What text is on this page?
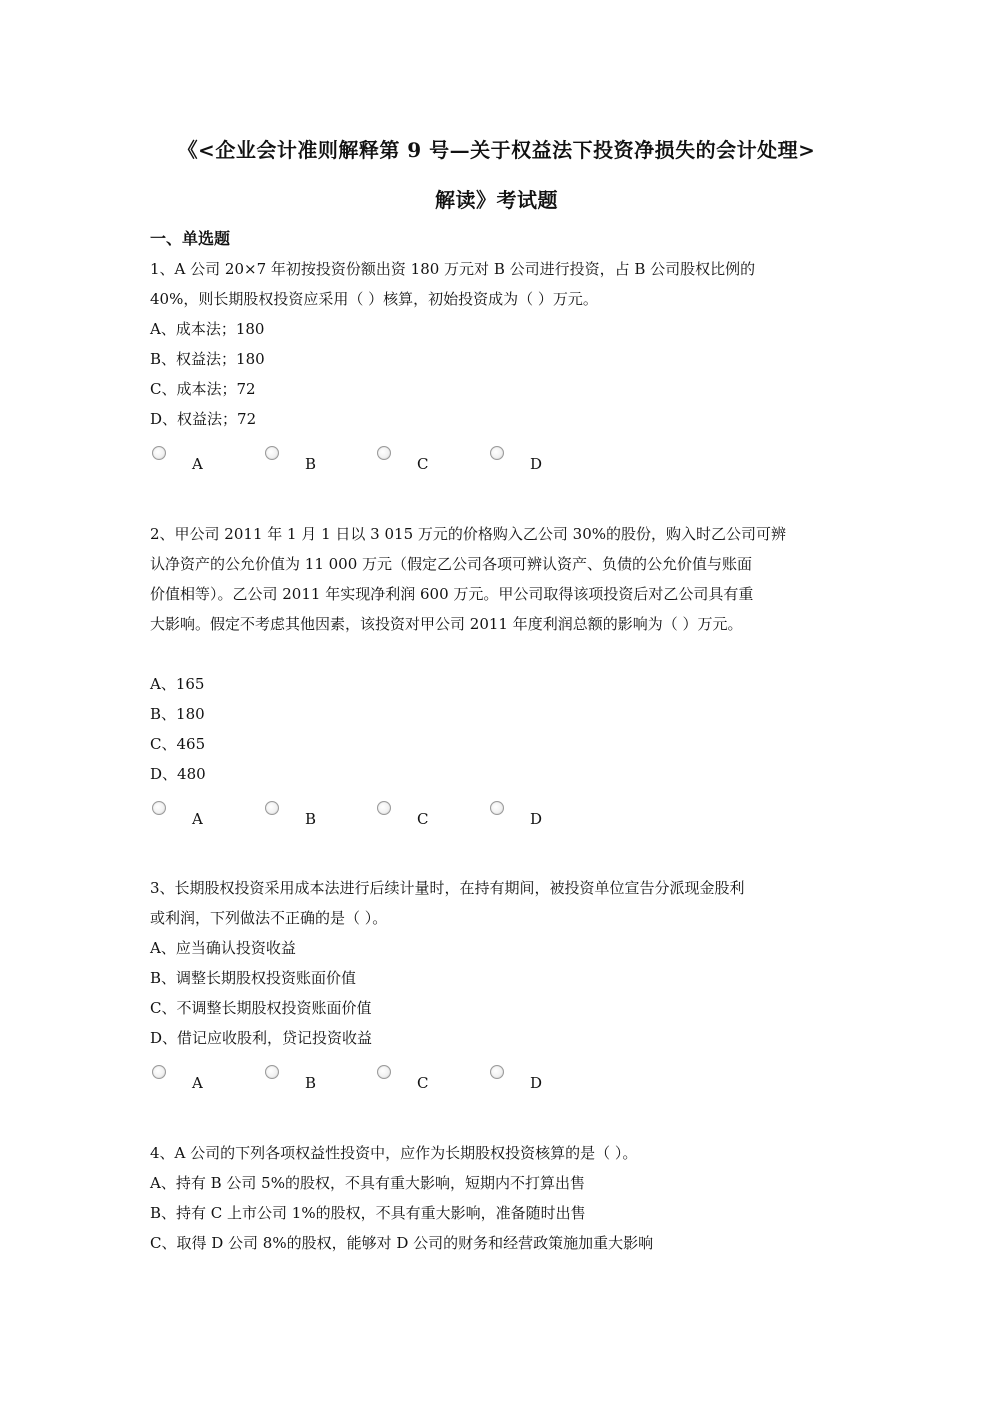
《<企业会计准则解释第 9 号—关于权益法下投资净损失的会计处理>
解读》考试题
一、单选题
1、A 公司 20×7 年初按投资份额出资 180 万元对 B 公司进行投资，占 B 公司股权比例的
40%，则长期股权投资应采用（ ）核算，初始投资成为（ ）万元。
A、成本法；180
B、权益法；180
C、成本法；72
D、权益法；72
A	B	C	D
2、甲公司 2011 年 1 月 1 日以 3 015 万元的价格购入乙公司 30%的股份，购入时乙公司可辨
认净资产的公允价值为 11 000 万元（假定乙公司各项可辨认资产、负债的公允价值与账面
价值相等）。乙公司 2011 年实现净利润 600 万元。甲公司取得该项投资后对乙公司具有重
大影响。假定不考虑其他因素，该投资对甲公司 2011 年度利润总额的影响为（ ）万元。
A、165
B、180
C、465
D、480
A	B	C	D
3、长期股权投资采用成本法进行后续计量时，在持有期间，被投资单位宣告分派现金股利
或利润，下列做法不正确的是（ ）。
A、应当确认投资收益
B、调整长期股权投资账面价值
C、不调整长期股权投资账面价值
D、借记应收股利，贷记投资收益
A	B	C	D
4、A 公司的下列各项权益性投资中，应作为长期股权投资核算的是（ ）。
A、持有 B 公司 5%的股权，不具有重大影响，短期内不打算出售
B、持有 C 上市公司 1%的股权，不具有重大影响，准备随时出售
C、取得 D 公司 8%的股权，能够对 D 公司的财务和经营政策施加重大影响
